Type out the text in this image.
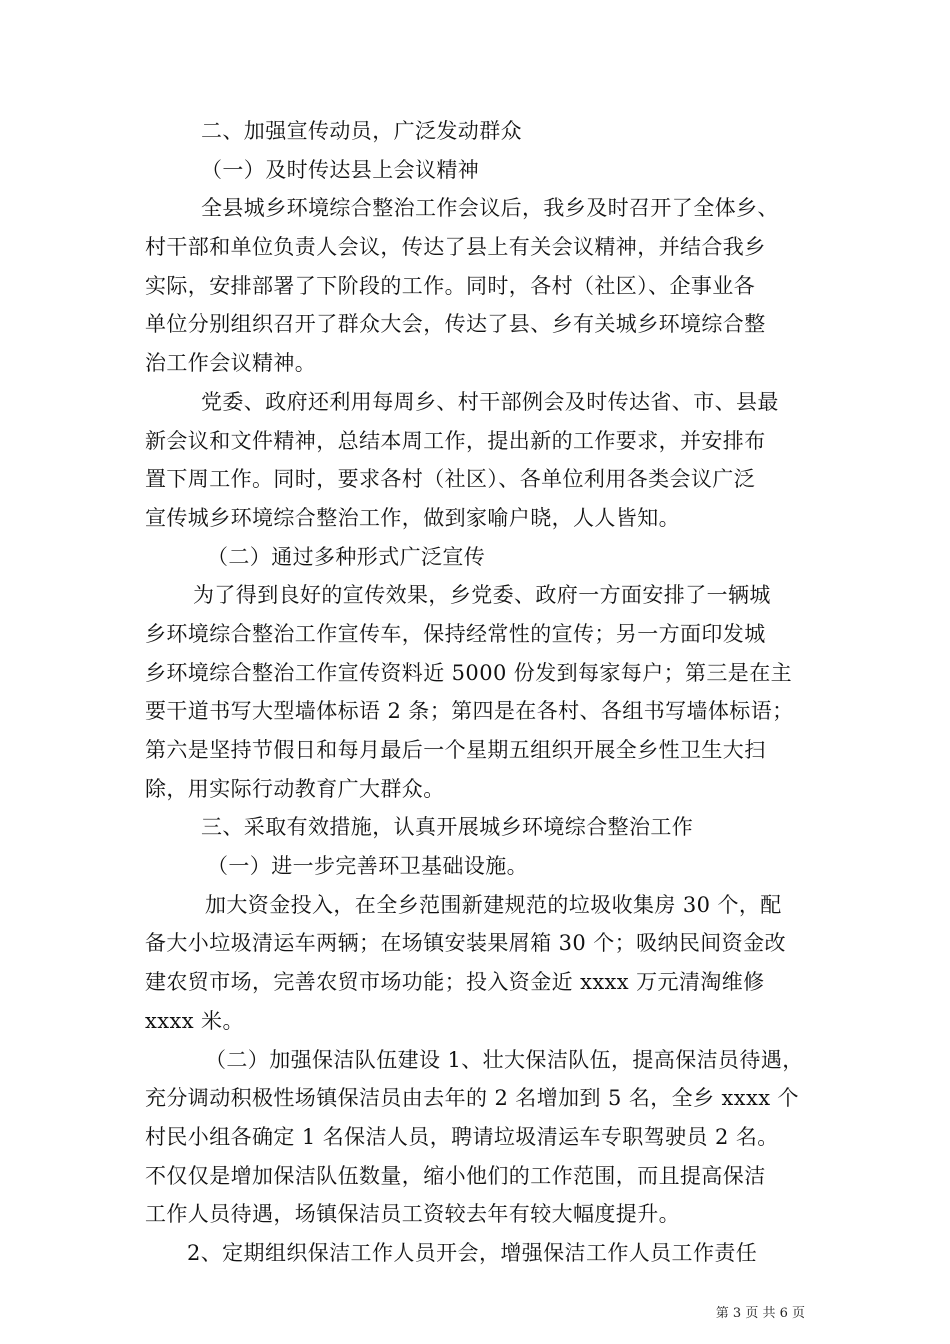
二、加强宣传动员，广泛发动群众
（一）及时传达县上会议精神
全县城乡环境综合整治工作会议后，我乡及时召开了全体乡、
村干部和单位负责人会议，传达了县上有关会议精神，并结合我乡
实际，安排部署了下阶段的工作。同时，各村（社区）、企事业各
单位分别组织召开了群众大会，传达了县、乡有关城乡环境综合整
治工作会议精神。
党委、政府还利用每周乡、村干部例会及时传达省、市、县最
新会议和文件精神，总结本周工作，提出新的工作要求，并安排布
置下周工作。同时，要求各村（社区）、各单位利用各类会议广泛
宣传城乡环境综合整治工作，做到家喻户晓，人人皆知。
（二）通过多种形式广泛宣传
为了得到良好的宣传效果，乡党委、政府一方面安排了一辆城
乡环境综合整治工作宣传车，保持经常性的宣传；另一方面印发城
乡环境综合整治工作宣传资料近 5000 份发到每家每户；第三是在主
要干道书写大型墙体标语 2 条；第四是在各村、各组书写墙体标语；
第六是坚持节假日和每月最后一个星期五组织开展全乡性卫生大扫
除，用实际行动教育广大群众。
三、采取有效措施，认真开展城乡环境综合整治工作
（一）进一步完善环卫基础设施。
加大资金投入，在全乡范围新建规范的垃圾收集房 30 个，配
备大小垃圾清运车两辆；在场镇安装果屑箱 30 个；吸纳民间资金改
建农贸市场，完善农贸市场功能；投入资金近 xxxx 万元清淘维修
xxxx 米。
（二）加强保洁队伍建设 1、壮大保洁队伍，提高保洁员待遇，
充分调动积极性场镇保洁员由去年的 2 名增加到 5 名，全乡 xxxx 个
村民小组各确定 1 名保洁人员，聘请垃圾清运车专职驾驶员 2 名。
不仅仅是增加保洁队伍数量，缩小他们的工作范围，而且提高保洁
工作人员待遇，场镇保洁员工资较去年有较大幅度提升。
2、定期组织保洁工作人员开会，增强保洁工作人员工作责任
第 3 页 共 6 页
